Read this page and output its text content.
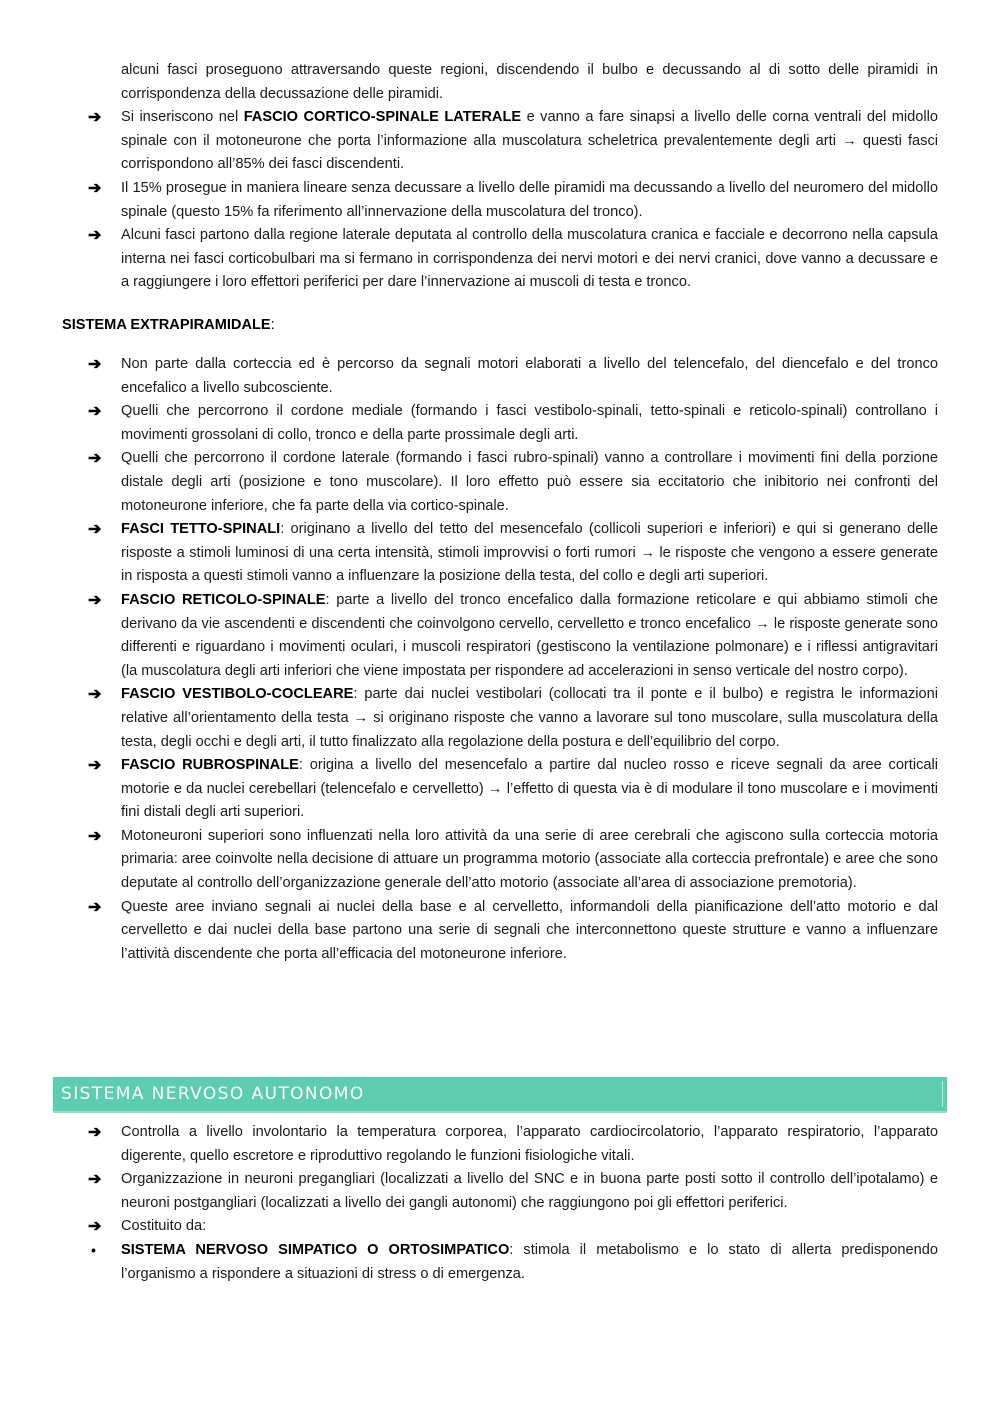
alcuni fasci proseguono attraversando queste regioni, discendendo il bulbo e decussando al di sotto delle piramidi in corrispondenza della decussazione delle piramidi.
➔	Si inseriscono nel FASCIO CORTICO-SPINALE LATERALE e vanno a fare sinapsi a livello delle corna ventrali del midollo spinale con il motoneurone che porta l’informazione alla muscolatura scheletrica prevalentemente degli arti → questi fasci corrispondono all’85% dei fasci discendenti.
➔	Il 15% prosegue in maniera lineare senza decussare a livello delle piramidi ma decussando a livello del neuromero del midollo spinale (questo 15% fa riferimento all’innervazione della muscolatura del tronco).
➔	Alcuni fasci partono dalla regione laterale deputata al controllo della muscolatura cranica e facciale e decorrono nella capsula interna nei fasci corticobulbari ma si fermano in corrispondenza dei nervi motori e dei nervi cranici, dove vanno a decussare e a raggiungere i loro effettori periferici per dare l’innervazione ai muscoli di testa e tronco.
SISTEMA EXTRAPIRAMIDALE:
➔	Non parte dalla corteccia ed è percorso da segnali motori elaborati a livello del telencefalo, del diencefalo e del tronco encefalico a livello subcosciente.
➔	Quelli che percorrono il cordone mediale (formando i fasci vestibolo-spinali, tetto-spinali e reticolo-spinali) controllano i movimenti grossolani di collo, tronco e della parte prossimale degli arti.
➔	Quelli che percorrono il cordone laterale (formando i fasci rubro-spinali) vanno a controllare i movimenti fini della porzione distale degli arti (posizione e tono muscolare). Il loro effetto può essere sia eccitatorio che inibitorio nei confronti del motoneurone inferiore, che fa parte della via cortico-spinale.
➔	FASCI TETTO-SPINALI: originano a livello del tetto del mesencefalo (collicoli superiori e inferiori) e qui si generano delle risposte a stimoli luminosi di una certa intensità, stimoli improvvisi o forti rumori → le risposte che vengono a essere generate in risposta a questi stimoli vanno a influenzare la posizione della testa, del collo e degli arti superiori.
➔	FASCIO RETICOLO-SPINALE: parte a livello del tronco encefalico dalla formazione reticolare e qui abbiamo stimoli che derivano da vie ascendenti e discendenti che coinvolgono cervello, cervelletto e tronco encefalico → le risposte generate sono differenti e riguardano i movimenti oculari, i muscoli respiratori (gestiscono la ventilazione polmonare) e i riflessi antigravitari (la muscolatura degli arti inferiori che viene impostata per rispondere ad accelerazioni in senso verticale del nostro corpo).
➔	FASCIO VESTIBOLO-COCLEARE: parte dai nuclei vestibolari (collocati tra il ponte e il bulbo) e registra le informazioni relative all’orientamento della testa → si originano risposte che vanno a lavorare sul tono muscolare, sulla muscolatura della testa, degli occhi e degli arti, il tutto finalizzato alla regolazione della postura e dell’equilibrio del corpo.
➔	FASCIO RUBROSPINALE: origina a livello del mesencefalo a partire dal nucleo rosso e riceve segnali da aree corticali motorie e da nuclei cerebellari (telencefalo e cervelletto) → l’effetto di questa via è di modulare il tono muscolare e i movimenti fini distali degli arti superiori.
➔	Motoneuroni superiori sono influenzati nella loro attività da una serie di aree cerebrali che agiscono sulla corteccia motoria primaria: aree coinvolte nella decisione di attuare un programma motorio (associate alla corteccia prefrontale) e aree che sono deputate al controllo dell’organizzazione generale dell’atto motorio (associate all’area di associazione premotoria).
➔	Queste aree inviano segnali ai nuclei della base e al cervelletto, informandoli della pianificazione dell’atto motorio e dal cervelletto e dai nuclei della base partono una serie di segnali che interconnettono queste strutture e vanno a influenzare l’attività discendente che porta all’efficacia del motoneurone inferiore.
SISTEMA NERVOSO AUTONOMO
➔	Controlla a livello involontario la temperatura corporea, l’apparato cardiocircolatorio, l’apparato respiratorio, l’apparato digerente, quello escretore e riproduttivo regolando le funzioni fisiologiche vitali.
➔	Organizzazione in neuroni pregangliari (localizzati a livello del SNC e in buona parte posti sotto il controllo dell’ipotalamo) e neuroni postgangliari (localizzati a livello dei gangli autonomi) che raggiungono poi gli effettori periferici.
➔	Costituito da:
•	SISTEMA NERVOSO SIMPATICO O ORTOSIMPATICO: stimola il metabolismo e lo stato di allerta predisponendo l’organismo a rispondere a situazioni di stress o di emergenza.
